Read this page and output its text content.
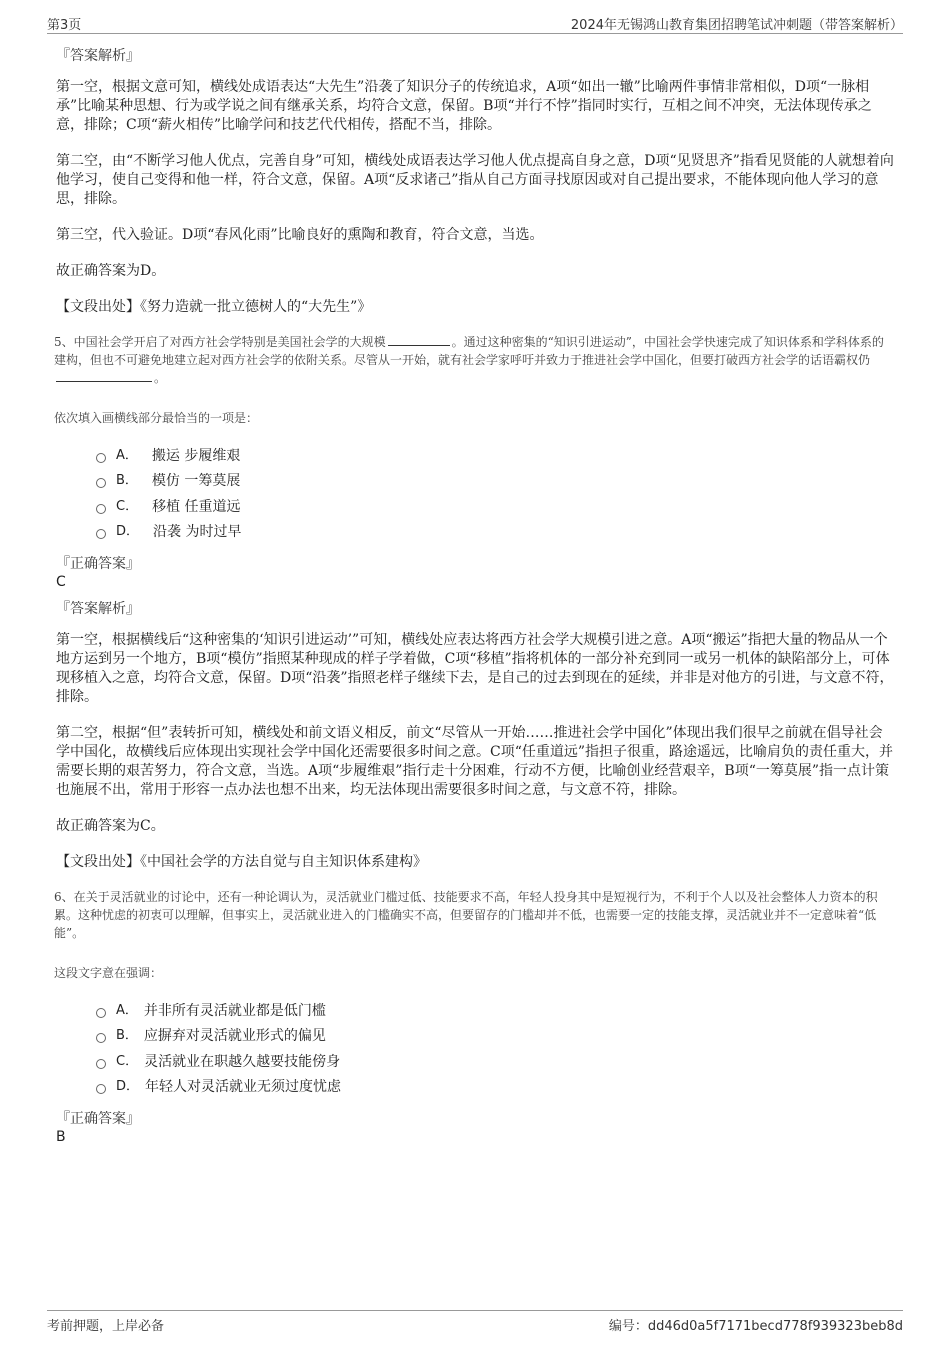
第3页	2024年无锡鸿山教育集团招聘笔试冲刺题（带答案解析）
『答案解析』

第一空，根据文意可知，横线处成语表达“大先生”沿袭了知识分子的传统追求，A项“如出一辙”比喻两件事情非常相似，D项“一脉相承”比喻某种思想、行为或学说之间有继承关系，均符合文意，保留。B项“并行不悖”指同时实行，互相之间不冲突，无法体现传承之意，排除；C项“薪火相传”比喻学问和技艺代代相传，搭配不当，排除。

第二空，由“不断学习他人优点，完善自身”可知，横线处成语表达学习他人优点提高自身之意，D项“见贤思齐”指看见贤能的人就想着向他学习，使自己变得和他一样，符合文意，保留。A项“反求诸己”指从自己方面寻找原因或对自己提出要求，不能体现向他人学习的意思，排除。

第三空，代入验证。D项“春风化雨”比喻良好的熏陶和教育，符合文意，当选。

故正确答案为D。

【文段出处】《努力造就一批立德树人的“大先生”》

5、中国社会学开启了对西方社会学特别是美国社会学的大规模	。通过这种密集的“知识引进运动”，中国社会学快速完成了知识体系和学科体系的建构，但也不可避免地建立起对西方社会学的依附关系。尽管从一开始，就有社会学家呼吁并致力于推进社会学中国化，但要打破西方社会学的话语霸权仍。

依次填入画横线部分最恰当的一项是：

A． 搬运 步履维艰
B． 模仿 一筹莫展
C． 移植 任重道远
D． 沿袭 为时过早
『正确答案』
C
『答案解析』

第一空，根据横线后“这种密集的‘知识引进运动’”可知，横线处应表达将西方社会学大规模引进之意。A项“搬运”指把大量的物品从一个地方运到另一个地方，B项“模仿”指照某种现成的样子学着做，C项“移植”指将机体的一部分补充到同一或另一机体的缺陷部分上，可体现移植入之意，均符合文意，保留。D项“沿袭”指照老样子继续下去，是自己的过去到现在的延续，并非是对他方的引进，与文意不符，排除。

第二空，根据“但”表转折可知，横线处和前文语义相反，前文“尽管从一开始……推进社会学中国化”体现出我们很早之前就在倡导社会学中国化，故横线后应体现出实现社会学中国化还需要很多时间之意。C项“任重道远”指担子很重，路途遥远，比喻肩负的责任重大，并需要长期的艰苦努力，符合文意，当选。A项“步履维艰”指行走十分困难，行动不方便，比喻创业经营艰辛，B项“一筹莫展”指一点计策也施展不出，常用于形容一点办法也想不出来，均无法体现出需要很多时间之意，与文意不符，排除。

故正确答案为C。

【文段出处】《中国社会学的方法自觉与自主知识体系建构》

6、在关于灵活就业的讨论中，还有一种论调认为，灵活就业门槛过低、技能要求不高，年轻人投身其中是短视行为，不利于个人以及社会整体人力资本的积累。这种忧虑的初衷可以理解，但事实上，灵活就业进入的门槛确实不高，但要留存的门槛却并不低，也需要一定的技能支撑，灵活就业并不一定意味着“低能”。

这段文字意在强调：

A． 并非所有灵活就业都是低门槛
B． 应摒弃对灵活就业形式的偏见
C． 灵活就业在职越久越要技能傍身
D． 年轻人对灵活就业无须过度忧虑
『正确答案』
B
考前押题，上岸必备	编号：dd46d0a5f7171becd778f939323beb8d
